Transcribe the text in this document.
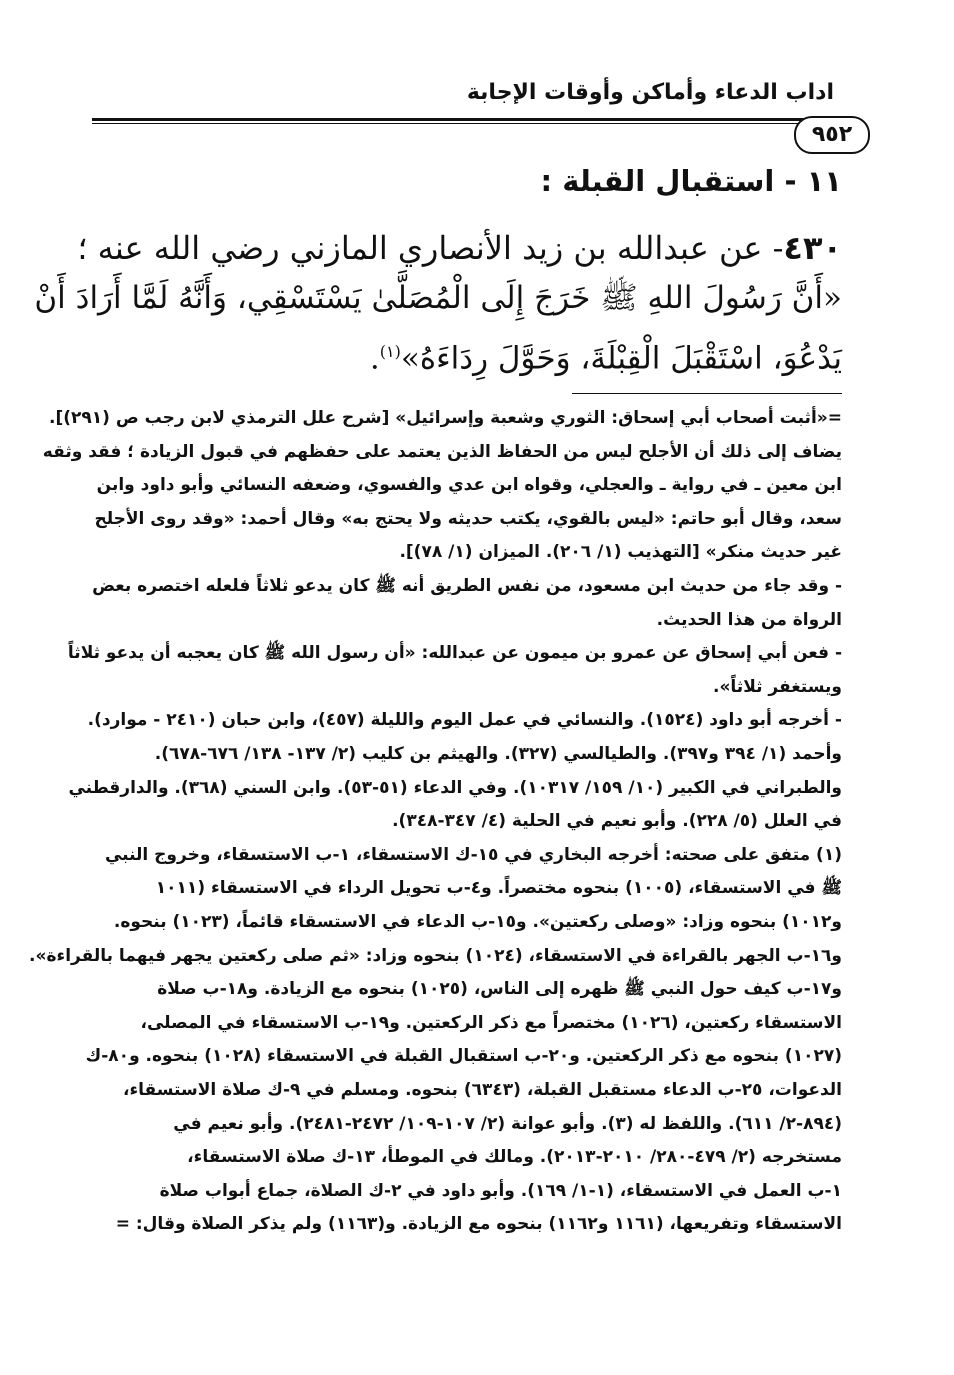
اداب الدعاء وأماكن وأوقات الإجابة
٩٥٢
١١ - استقبال القبلة :
٤٣٠- عن عبدالله بن زيد الأنصاري المازني رضي الله عنه ؛
«أَنَّ رَسُولَ اللهِ ﷺ خَرَجَ إِلَى الْمُصَلَّىٰ يَسْتَسْقِي، وَأَنَّهُ لَمَّا أَرَادَ أَنْ
يَدْعُوَ، اسْتَقْبَلَ الْقِبْلَةَ، وَحَوَّلَ رِدَاءَهُ»$^{(١)}$.
=«أثبت أصحاب أبي إسحاق: الثوري وشعبة وإسرائيل» [شرح علل الترمذي لابن رجب ص (٢٩١)].
يضاف إلى ذلك أن الأجلح ليس من الحفاظ الذين يعتمد على حفظهم في قبول الزيادة ؛ فقد وثقه
ابن معين ـ في رواية ـ والعجلي، وقواه ابن عدي والفسوي، وضعفه النسائي وأبو داود وابن
سعد، وقال أبو حاتم: «ليس بالقوي، يكتب حديثه ولا يحتج به» وقال أحمد: «وقد روى الأجلح
غير حديث منكر» [التهذيب (١/ ٢٠٦). الميزان (١/ ٧٨)].
- وقد جاء من حديث ابن مسعود، من نفس الطريق أنه ﷺ كان يدعو ثلاثاً فلعله اختصره بعض
الرواة من هذا الحديث.
- فعن أبي إسحاق عن عمرو بن ميمون عن عبدالله: «أن رسول الله ﷺ كان يعجبه أن يدعو ثلاثاً
ويستغفر ثلاثاً».
- أخرجه أبو داود (١٥٢٤). والنسائي في عمل اليوم والليلة (٤٥٧)، وابن حبان (٢٤١٠ - موارد).
وأحمد (١/ ٣٩٤ و٣٩٧). والطيالسي (٣٢٧). والهيثم بن كليب (٢/ ١٣٧- ١٣٨/ ٦٧٦-٦٧٨).
والطبراني في الكبير (١٠/ ١٥٩/ ١٠٣١٧). وفي الدعاء (٥١-٥٣). وابن السني (٣٦٨). والدارقطني
في العلل (٥/ ٢٢٨). وأبو نعيم في الحلية (٤/ ٣٤٧-٣٤٨).
(١) متفق على صحته: أخرجه البخاري في ١٥-ك الاستسقاء، ١-ب الاستسقاء، وخروج النبي
ﷺ في الاستسقاء، (١٠٠٥) بنحوه مختصراً. و٤-ب تحويل الرداء في الاستسقاء (١٠١١
و١٠١٢) بنحوه وزاد: «وصلى ركعتين». و١٥-ب الدعاء في الاستسقاء قائماً، (١٠٢٣) بنحوه.
و١٦-ب الجهر بالقراءة في الاستسقاء، (١٠٢٤) بنحوه وزاد: «ثم صلى ركعتين يجهر فيهما بالقراءة».
و١٧-ب كيف حول النبي ﷺ ظهره إلى الناس، (١٠٢٥) بنحوه مع الزيادة. و١٨-ب صلاة
الاستسقاء ركعتين، (١٠٢٦) مختصراً مع ذكر الركعتين. و١٩-ب الاستسقاء في المصلى،
(١٠٢٧) بنحوه مع ذكر الركعتين. و٢٠-ب استقبال القبلة في الاستسقاء (١٠٢٨) بنحوه. و٨٠-ك
الدعوات، ٢٥-ب الدعاء مستقبل القبلة، (٦٣٤٣) بنحوه. ومسلم في ٩-ك صلاة الاستسقاء،
(٨٩٤-٢/ ٦١١). واللفظ له (٣). وأبو عوانة (٢/ ١٠٧-١٠٩/ ٢٤٧٢-٢٤٨١). وأبو نعيم في
مستخرجه (٢/ ٤٧٩-٢٨٠/ ٢٠١٠-٢٠١٣). ومالك في الموطأ، ١٣-ك صلاة الاستسقاء،
١-ب العمل في الاستسقاء، (١-١/ ١٦٩). وأبو داود في ٢-ك الصلاة، جماع أبواب صلاة
الاستسقاء وتفريعها، (١١٦١ و١١٦٢) بنحوه مع الزيادة. و(١١٦٣) ولم يذكر الصلاة وقال: =
